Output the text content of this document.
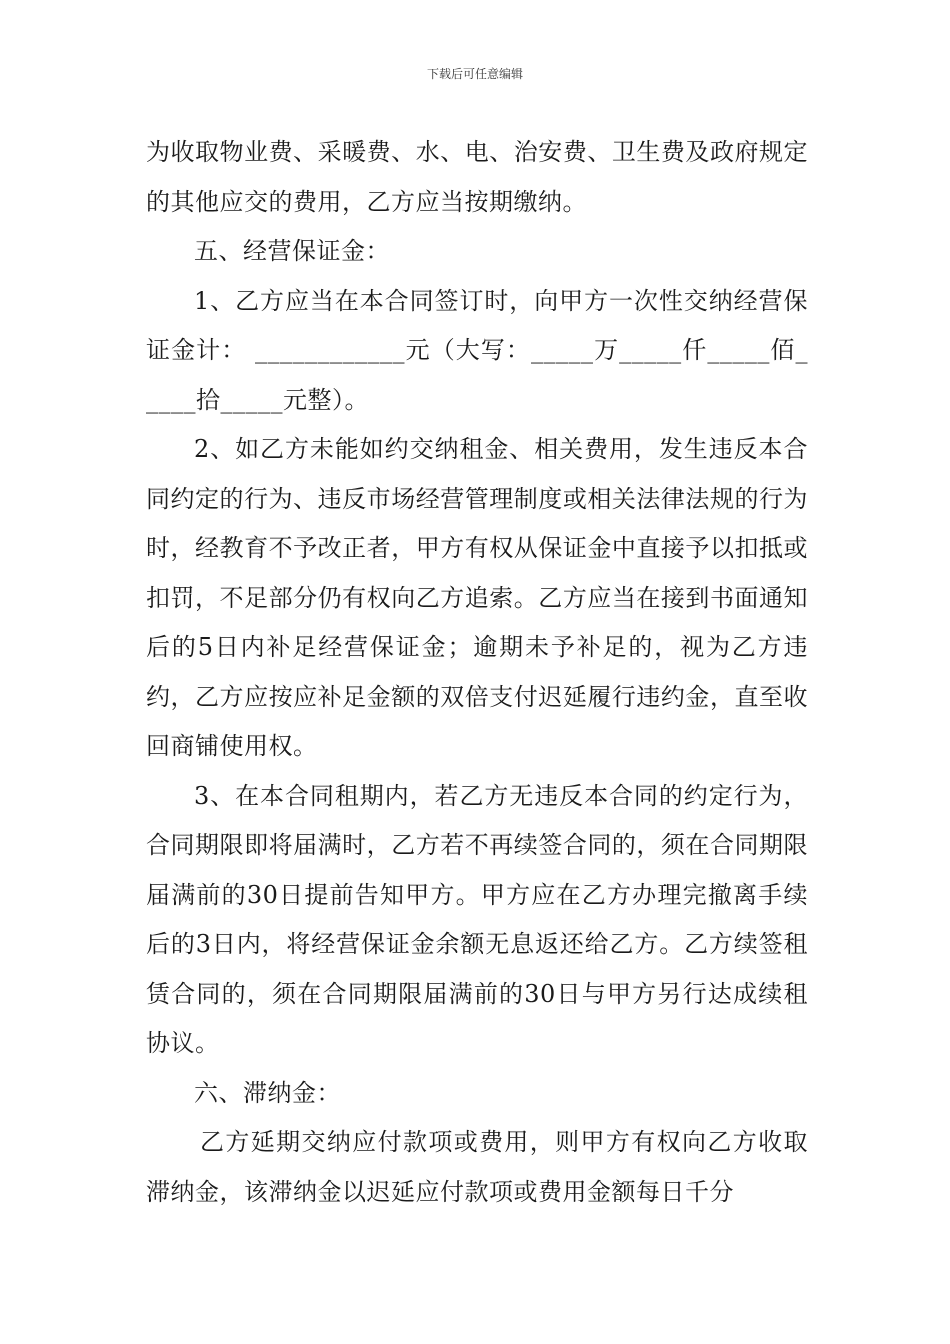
下载后可任意编辑

为收取物业费、采暖费、水、电、治安费、卫生费及政府规定的其他应交的费用，乙方应当按期缴纳。

五、经营保证金：

1、乙方应当在本合同签订时，向甲方一次性交纳经营保证金计： ____________元（大写：_____万_____仟_____佰_____拾_____元整）。

2、如乙方未能如约交纳租金、相关费用，发生违反本合同约定的行为、违反市场经营管理制度或相关法律法规的行为时，经教育不予改正者，甲方有权从保证金中直接予以扣抵或扣罚，不足部分仍有权向乙方追索。乙方应当在接到书面通知后的5日内补足经营保证金；逾期未予补足的，视为乙方违约，乙方应按应补足金额的双倍支付迟延履行违约金，直至收回商铺使用权。

3、在本合同租期内，若乙方无违反本合同的约定行为，合同期限即将届满时，乙方若不再续签合同的，须在合同期限届满前的30日提前告知甲方。甲方应在乙方办理完撤离手续后的3日内，将经营保证金余额无息返还给乙方。乙方续签租赁合同的，须在合同期限届满前的30日与甲方另行达成续租协议。

六、滞纳金：

乙方延期交纳应付款项或费用，则甲方有权向乙方收取滞纳金，该滞纳金以迟延应付款项或费用金额每日千分
